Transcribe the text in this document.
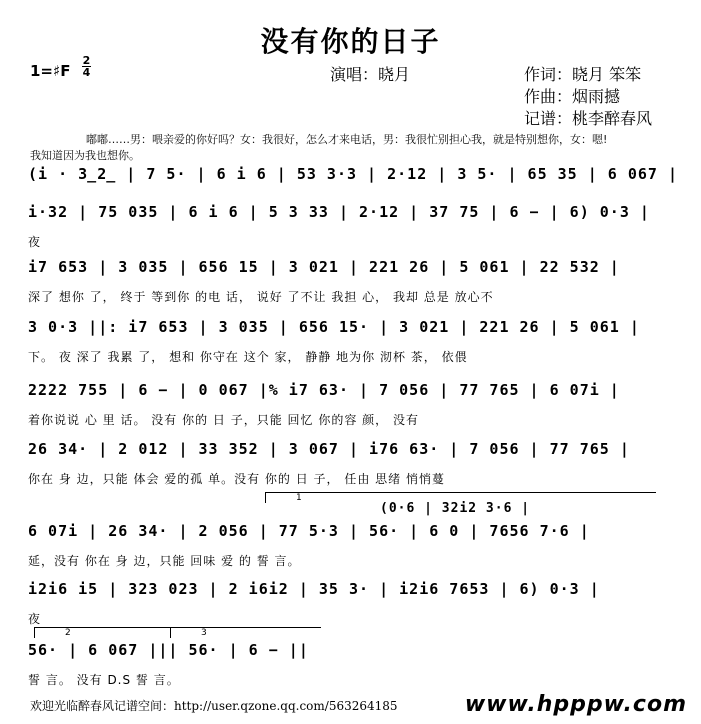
没有你的日子
1=♯F
2
4	演唱：晓月	作词：晓月 笨笨
作曲：烟雨撼
记谱：桃李醉春风
嘟嘟……男：喂亲爱的你好吗？女：我很好，怎么才来电话，男：我很忙别担心我，就是特别想你，女：嗯!
我知道因为我也想你。
(i · 3̲2̲ | 7 5· | 6 i 6 | 53 3·3 | 2·12 | 3 5· | 65 35 | 6 067 |
i·32 | 75 035 | 6 i 6 | 5 3 33 | 2·12 | 37 75 | 6 − | 6) 0·3 |
夜
i7 653 | 3 035 | 656 15 | 3 021 | 221 26 | 5 061 | 22 532 |
深了 想你 了， 终于 等到你 的电 话， 说好 了不让 我担 心， 我却 总是 放心不
3 0·3 ||: i7 653 | 3 035 | 656 15· | 3 021 | 221 26 | 5 061 |
下。 夜 深了 我累 了， 想和 你守在 这个 家， 静静 地为你 沏杯 茶， 依偎
2222 755 | 6 − | 0 067 |% i7 63· | 7 056 | 77 765 | 6 07i |
着你说说 心 里 话。 没有 你的 日 子，只能 回忆 你的容 颜， 没有
26 34· | 2 012 | 33 352 | 3 067 | i76 63· | 7 056 | 77 765 |
你在 身 边，只能 体会 爱的孤 单。没有 你的 日 子， 任由 思绪 悄悄蔓
1
(0·6 | 32i2 3·6 |
6 07i | 26 34· | 2 056 | 77 5·3 | 56· | 6 0 | 7656 7·6 |
延，没有 你在 身 边，只能 回味 爱 的 誓 言。
i2i6 i5 | 323 023 | 2 i6i2 | 35 3· | i2i6 7653 | 6) 0·3 |
夜
2	3
56· | 6 067 ||| 56· | 6 − ||
誓 言。 没有 D.S 誓 言。
欢迎光临醉春风记谱空间：http://user.qzone.qq.com/563264185	www.hpppw.com
